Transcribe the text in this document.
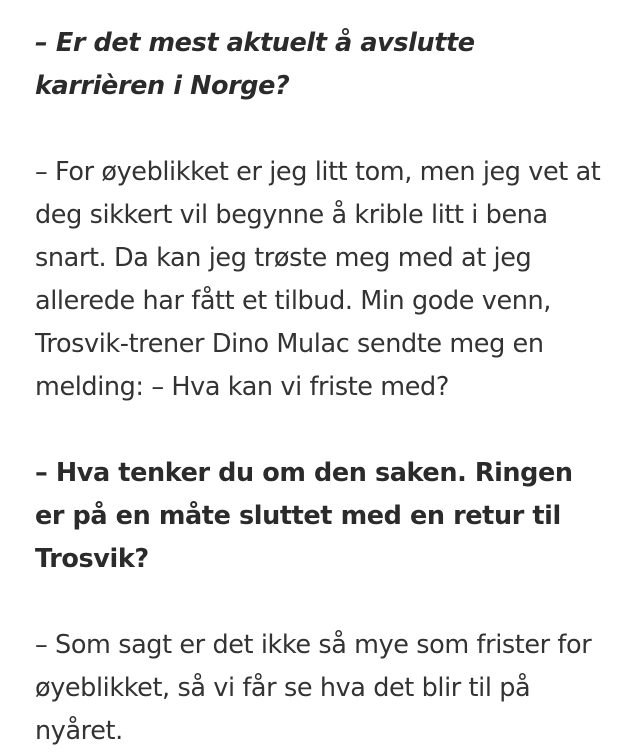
– Er det mest aktuelt å avslutte karrièren i Norge?

– For øyeblikket er jeg litt tom, men jeg vet at deg sikkert vil begynne å krible litt i bena snart. Da kan jeg trøste meg med at jeg allerede har fått et tilbud. Min gode venn, Trosvik-trener Dino Mulac sendte meg en melding: – Hva kan vi friste med?

– Hva tenker du om den saken. Ringen er på en måte sluttet med en retur til Trosvik?

– Som sagt er det ikke så mye som frister for øyeblikket, så vi får se hva det blir til på nyåret.
